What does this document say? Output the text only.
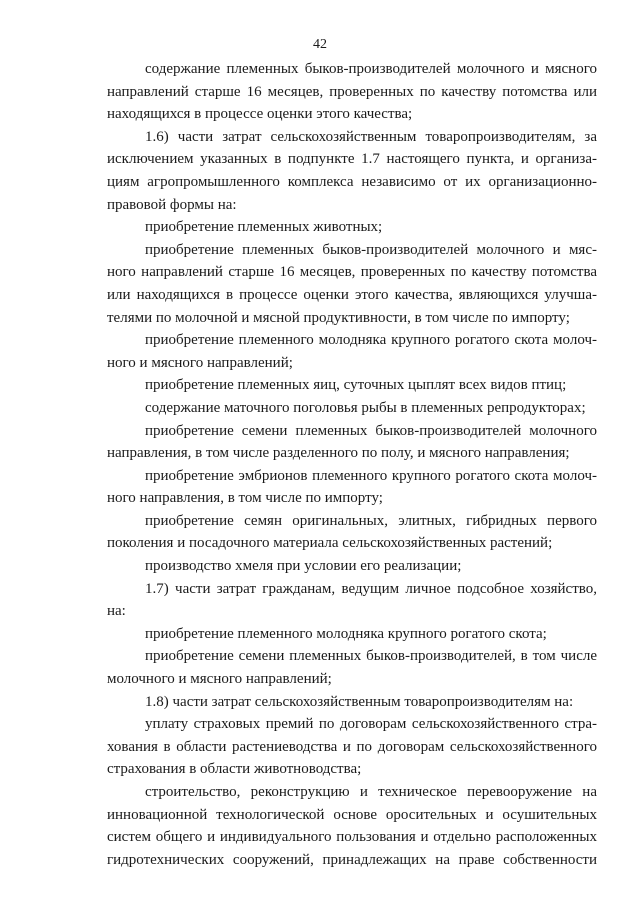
42

содержание племенных быков-производителей молочного и мясного направлений старше 16 месяцев, проверенных по качеству потомства или находящихся в процессе оценки этого качества;

1.6) части затрат сельскохозяйственным товаропроизводителям, за исключением указанных в подпункте 1.7 настоящего пункта, и организациям агропромышленного комплекса независимо от их организационно-правовой формы на:

приобретение племенных животных;

приобретение племенных быков-производителей молочного и мясного направлений старше 16 месяцев, проверенных по качеству потомства или находящихся в процессе оценки этого качества, являющихся улучшателями по молочной и мясной продуктивности, в том числе по импорту;

приобретение племенного молодняка крупного рогатого скота молочного и мясного направлений;

приобретение племенных яиц, суточных цыплят всех видов птиц;

содержание маточного поголовья рыбы в племенных репродукторах;

приобретение семени племенных быков-производителей молочного направления, в том числе разделенного по полу, и мясного направления;

приобретение эмбрионов племенного крупного рогатого скота молочного направления, в том числе по импорту;

приобретение семян оригинальных, элитных, гибридных первого поколения и посадочного материала сельскохозяйственных растений;

производство хмеля при условии его реализации;

1.7) части затрат гражданам, ведущим личное подсобное хозяйство, на:

приобретение племенного молодняка крупного рогатого скота;

приобретение семени племенных быков-производителей, в том числе молочного и мясного направлений;

1.8) части затрат сельскохозяйственным товаропроизводителям на:

уплату страховых премий по договорам сельскохозяйственного страхования в области растениеводства и по договорам сельскохозяйственного страхования в области животноводства;

строительство, реконструкцию и техническое перевооружение на инновационной технологической основе оросительных и осушительных систем общего и индивидуального пользования и отдельно расположенных гидротехнических сооружений, принадлежащих на праве собственности
